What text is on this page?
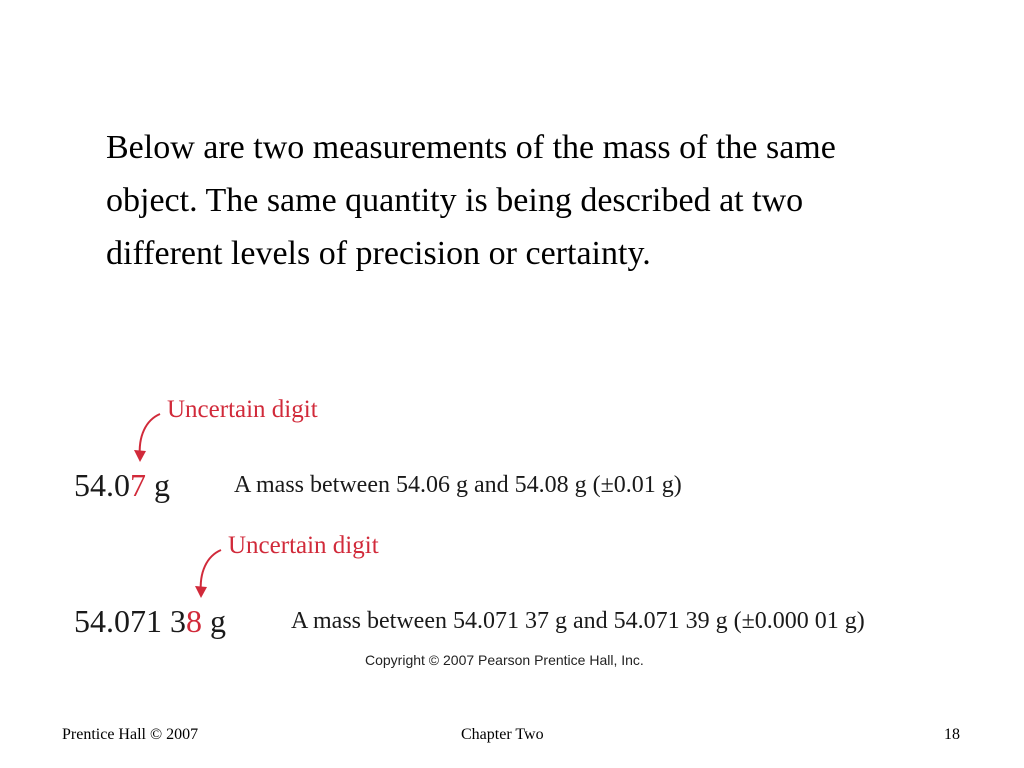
Below are two measurements of the mass of the same object. The same quantity is being described at two different levels of precision or certainty.

Uncertain digit
54.07 g	A mass between 54.06 g and 54.08 g (±0.01 g)
Uncertain digit
54.071 38 g	A mass between 54.071 37 g and 54.071 39 g (±0.000 01 g)
Copyright © 2007 Pearson Prentice Hall, Inc.
Prentice Hall © 2007	Chapter Two	18
